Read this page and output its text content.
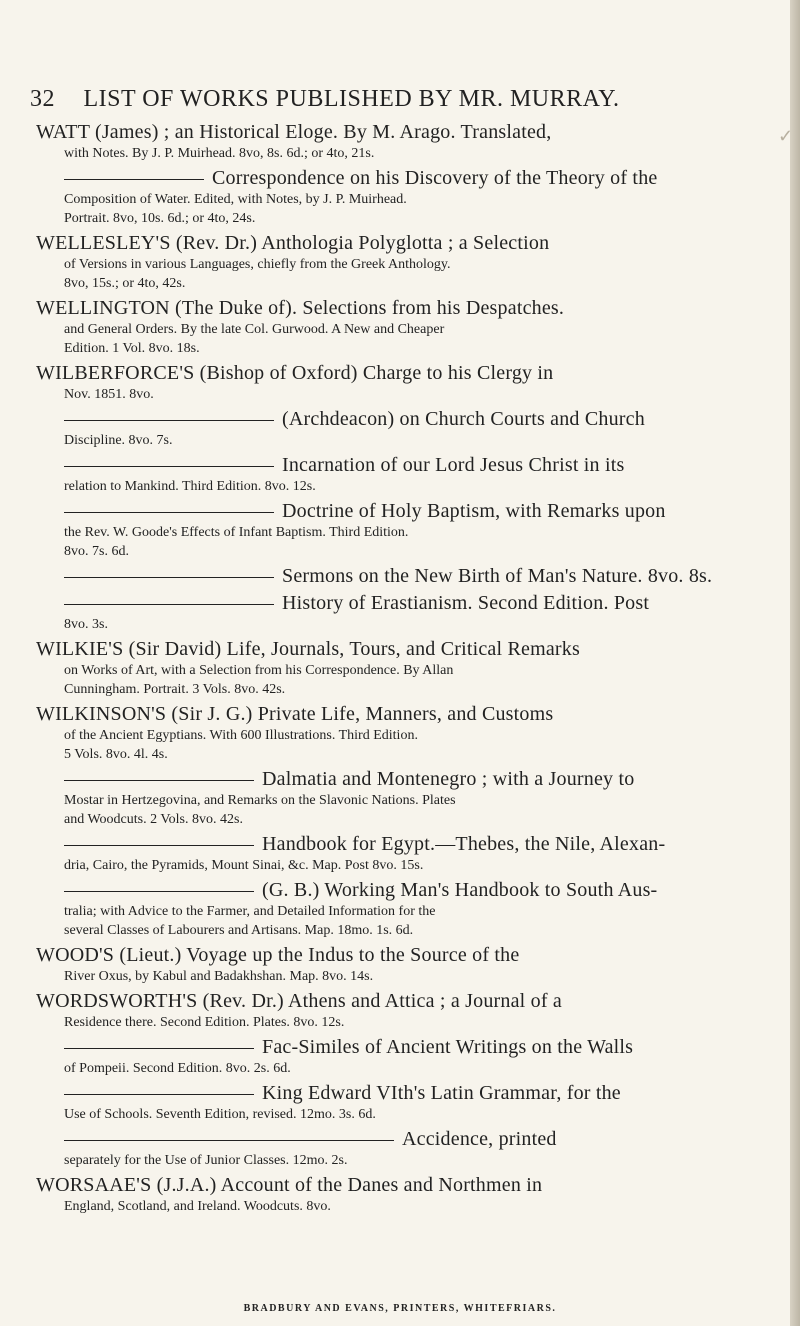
32 LIST OF WORKS PUBLISHED BY MR. MURRAY.
WATT (James) ; an Historical Eloge. By M. Arago. Translated,
with Notes. By J. P. Muirhead. 8vo, 8s. 6d.; or 4to, 21s.
Correspondence on his Discovery of the Theory of the
Composition of Water. Edited, with Notes, by J. P. Muirhead.
Portrait. 8vo, 10s. 6d.; or 4to, 24s.
WELLESLEY'S (Rev. Dr.) Anthologia Polyglotta ; a Selection
of Versions in various Languages, chiefly from the Greek Anthology.
8vo, 15s.; or 4to, 42s.
WELLINGTON (The Duke of). Selections from his Despatches.
and General Orders. By the late Col. Gurwood. A New and Cheaper
Edition. 1 Vol. 8vo. 18s.
WILBERFORCE'S (Bishop of Oxford) Charge to his Clergy in
Nov. 1851. 8vo.
(Archdeacon) on Church Courts and Church
Discipline. 8vo. 7s.
Incarnation of our Lord Jesus Christ in its
relation to Mankind. Third Edition. 8vo. 12s.
Doctrine of Holy Baptism, with Remarks upon
the Rev. W. Goode's Effects of Infant Baptism. Third Edition.
8vo. 7s. 6d.
Sermons on the New Birth of Man's Nature. 8vo. 8s.
History of Erastianism. Second Edition. Post
8vo. 3s.
WILKIE'S (Sir David) Life, Journals, Tours, and Critical Remarks
on Works of Art, with a Selection from his Correspondence. By Allan
Cunningham. Portrait. 3 Vols. 8vo. 42s.
WILKINSON'S (Sir J. G.) Private Life, Manners, and Customs
of the Ancient Egyptians. With 600 Illustrations. Third Edition.
5 Vols. 8vo. 4l. 4s.
Dalmatia and Montenegro ; with a Journey to
Mostar in Hertzegovina, and Remarks on the Slavonic Nations. Plates
and Woodcuts. 2 Vols. 8vo. 42s.
Handbook for Egypt.—Thebes, the Nile, Alexan-
dria, Cairo, the Pyramids, Mount Sinai, &c. Map. Post 8vo. 15s.
(G. B.) Working Man's Handbook to South Aus-
tralia; with Advice to the Farmer, and Detailed Information for the
several Classes of Labourers and Artisans. Map. 18mo. 1s. 6d.
WOOD'S (Lieut.) Voyage up the Indus to the Source of the
River Oxus, by Kabul and Badakhshan. Map. 8vo. 14s.
WORDSWORTH'S (Rev. Dr.) Athens and Attica ; a Journal of a
Residence there. Second Edition. Plates. 8vo. 12s.
Fac-Similes of Ancient Writings on the Walls
of Pompeii. Second Edition. 8vo. 2s. 6d.
King Edward VIth's Latin Grammar, for the
Use of Schools. Seventh Edition, revised. 12mo. 3s. 6d.
Accidence, printed
separately for the Use of Junior Classes. 12mo. 2s.
WORSAAE'S (J.J.A.) Account of the Danes and Northmen in
England, Scotland, and Ireland. Woodcuts. 8vo.
BRADBURY AND EVANS, PRINTERS, WHITEFRIARS.
✓
